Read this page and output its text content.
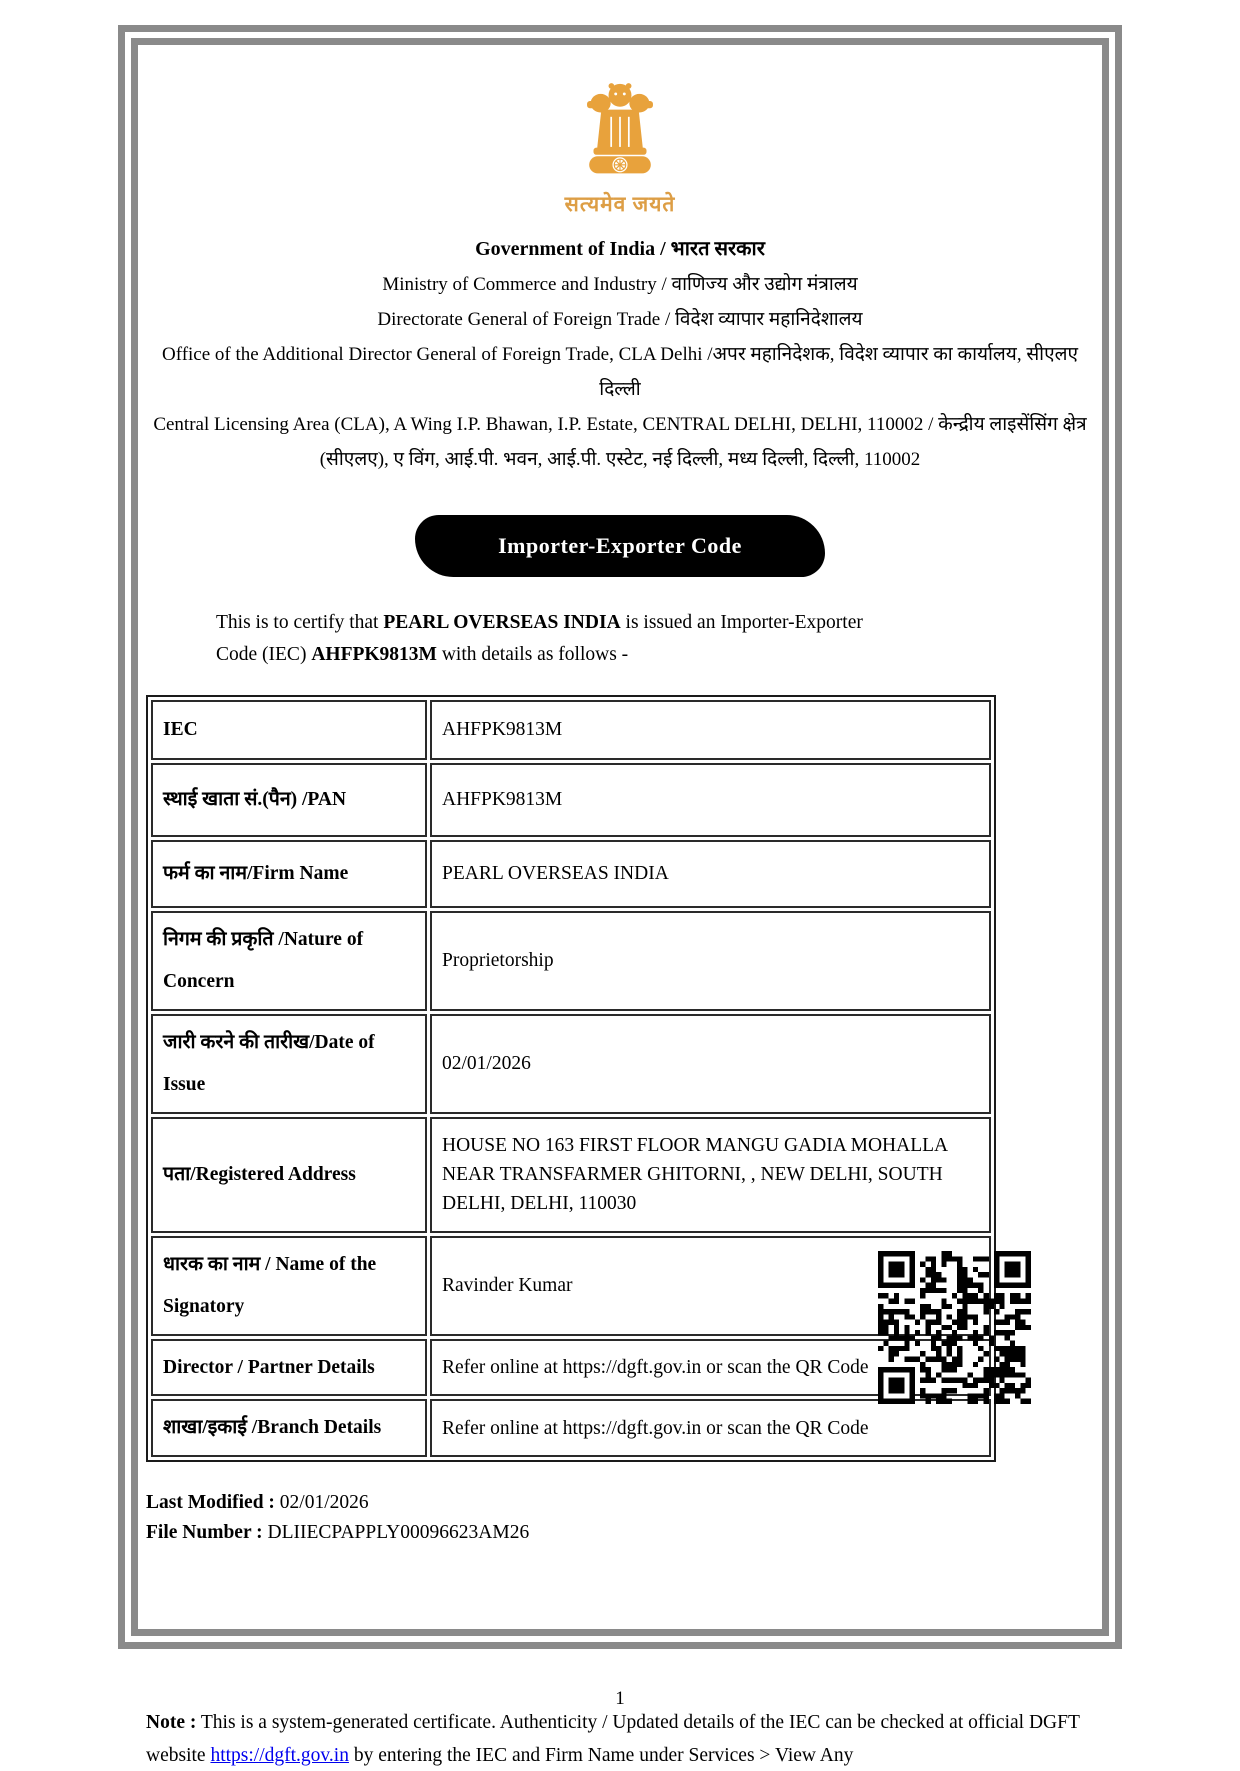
सत्यमेव जयते
Government of India / भारत सरकार
Ministry of Commerce and Industry / वाणिज्य और उद्योग मंत्रालय
Directorate General of Foreign Trade / विदेश व्यापार महानिदेशालय
Office of the Additional Director General of Foreign Trade, CLA Delhi /अपर महानिदेशक, विदेश व्यापार का कार्यालय, सीएलए दिल्ली
Central Licensing Area (CLA), A Wing I.P. Bhawan, I.P. Estate, CENTRAL DELHI, DELHI, 110002 / केन्द्रीय लाइसेंसिंग क्षेत्र (सीएलए), ए विंग, आई.पी. भवन, आई.पी. एस्टेट, नई दिल्ली, मध्य दिल्ली, दिल्ली, 110002
Importer-Exporter Code

This is to certify that PEARL OVERSEAS INDIA is issued an Importer-Exporter Code (IEC) AHFPK9813M with details as follows -

IEC	AHFPK9813M
स्थाई खाता सं.(पैन) /PAN	AHFPK9813M
फर्म का नाम/Firm Name	PEARL OVERSEAS INDIA
निगम की प्रकृति /Nature of Concern	Proprietorship
जारी करने की तारीख/Date of Issue	02/01/2026
पता/Registered Address	HOUSE NO 163 FIRST FLOOR MANGU GADIA MOHALLA NEAR TRANSFARMER GHITORNI, , NEW DELHI, SOUTH DELHI, DELHI, 110030
धारक का नाम / Name of the Signatory	Ravinder Kumar
Director / Partner Details	Refer online at https://dgft.gov.in or scan the QR Code
शाखा/इकाई /Branch Details	Refer online at https://dgft.gov.in or scan the QR Code
Last Modified : 02/01/2026
File Number : DLIIECPAPPLY00096623AM26

Note : This is a system-generated certificate. Authenticity / Updated details of the IEC can be checked at official DGFT website https://dgft.gov.in by entering the IEC and Firm Name under Services > View Any

1
